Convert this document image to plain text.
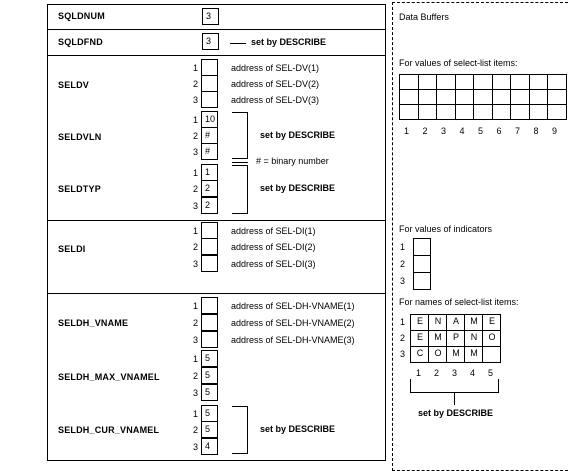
SQLDNUM	3
SQLDFND	3	set by DESCRIBE
SELDV
1	address of SEL-DV(1)
2	address of SEL-DV(2)
3	address of SEL-DV(3)
SELDVLN
1 10
2 #
3 #
set by DESCRIBE
# = binary number
SELDTYP
1 1
2 2
3 2
set by DESCRIBE
SELDI
1	address of SEL-DI(1)
2	address of SEL-DI(2)
3	address of SEL-DI(3)
SELDH_VNAME
1	address of SEL-DH-VNAME(1)
2	address of SEL-DH-VNAME(2)
3	address of SEL-DH-VNAME(3)
SELDH_MAX_VNAMEL
1 5
2 5
3 5
SELDH_CUR_VNAMEL
1 5
2 5
3 4
set by DESCRIBE
Data Buffers
For values of select-list items:
1 2 3 4 5 6 7 8 9
For values of indicators
1
2
3
For names of select-list items:
1	E	N	A	M	E
2	E	M	P	N	O
3	C	O	M	M
1 2 3 4 5
set by DESCRIBE
